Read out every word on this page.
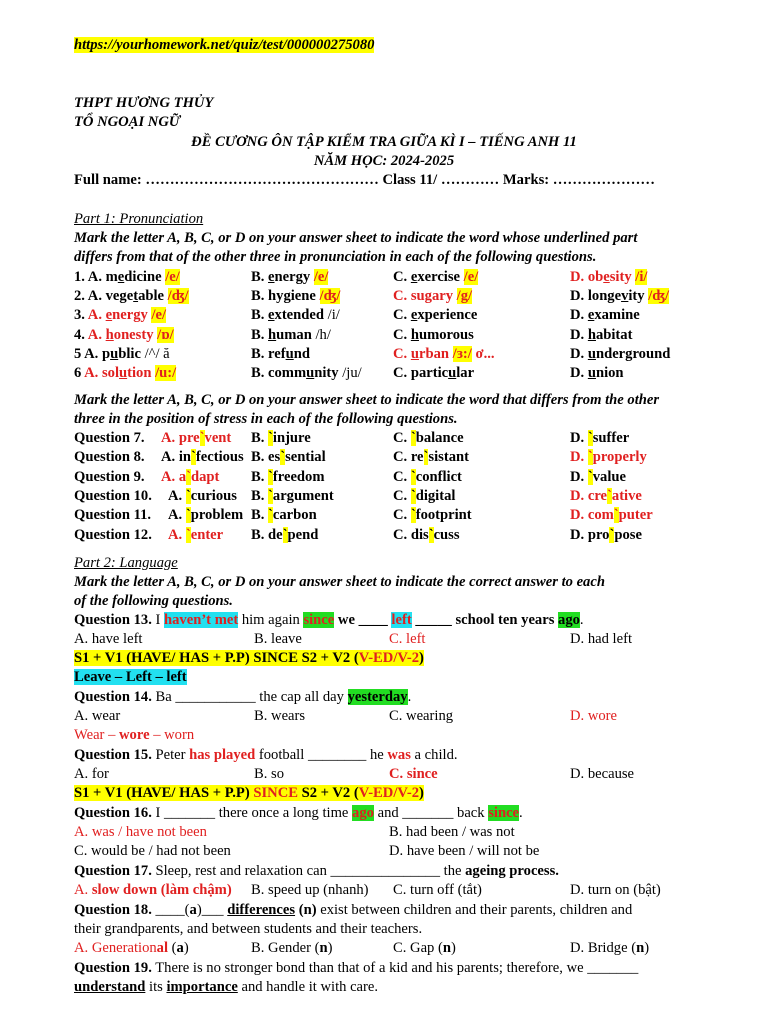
https://yourhomework.net/quiz/test/000000275080
THPT HƯƠNG THỦY
TỔ NGOẠI NGỮ
ĐỀ CƯƠNG ÔN TẬP KIỂM TRA GIỮA KÌ I – TIẾNG ANH 11
NĂM HỌC: 2024-2025
Full name: ………………………………………… Class 11/ ………… Marks: …………………
Part 1: Pronunciation
Mark the letter A, B, C, or D on your answer sheet to indicate the word whose underlined part
differs from that of the other three in pronunciation in each of the following questions.
1. A. medicine /e/	B. energy /e/	C. exercise /e/	D. obesity /i/
2. A. vegetable /ʤ/	B. hygiene /ʤ/	C. sugary /g/	D. longevity /ʤ/
3. A. energy /e/	B. extended /i/	C. experience	D. examine
4. A. honesty /ɒ/	B. human /h/	C. humorous	D. habitat
5 A. public /^/ ă	B. refund	C. urban /ɜ:/ ơ...	D. underground
6 A. solution /u:/	B. community /ju/ C. particular	D. union
Mark the letter A, B, C, or D on your answer sheet to indicate the word that differs from the other
three in the position of stress in each of the following questions.
Question 7. A. pre`vent B. `injure	C. `balance	D. `suffer
Question 8. A. in`fectious B. es`sential	C. re`sistant	D. `properly
Question 9. A. a`dapt B. `freedom	C. `conflict	D. `value
Question 10. A. `curious B. `argument	C. `digital	D. cre`ative
Question 11. A. `problem B. `carbon	C. `footprint	D. com`puter
Question 12. A. `enter B. de`pend	C. dis`cuss	D. pro`pose
Part 2: Language
Mark the letter A, B, C, or D on your answer sheet to indicate the correct answer to each
of the following questions.
Question 13. I haven’t met him again since we ____ left _____ school ten years ago.
A. have left	B. leave	C. left	D. had left
S1 + V1 (HAVE/ HAS + P.P) SINCE S2 + V2 (V-ED/V-2)
Leave – Left – left
Question 14. Ba ___________ the cap all day yesterday.
A. wear	B. wears	C. wearing	D. wore
Wear – wore – worn
Question 15. Peter has played football ________ he was a child.
A. for	B. so	C. since	D. because
S1 + V1 (HAVE/ HAS + P.P) SINCE S2 + V2 (V-ED/V-2)
Question 16. I _______ there once a long time ago and _______ back since.
A. was / have not been	B. had been / was not
C. would be / had not been	D. have been / will not be
Question 17. Sleep, rest and relaxation can _______________ the ageing process.
A. slow down (làm chậm) B. speed up (nhanh) C. turn off (tắt)	D. turn on (bật)
Question 18. ____(a)___ differences (n) exist between children and their parents, children and
their grandparents, and between students and their teachers.
A. Generational (a)	B. Gender (n)	C. Gap (n)	D. Bridge (n)
Question 19. There is no stronger bond than that of a kid and his parents; therefore, we _______
understand its importance and handle it with care.
